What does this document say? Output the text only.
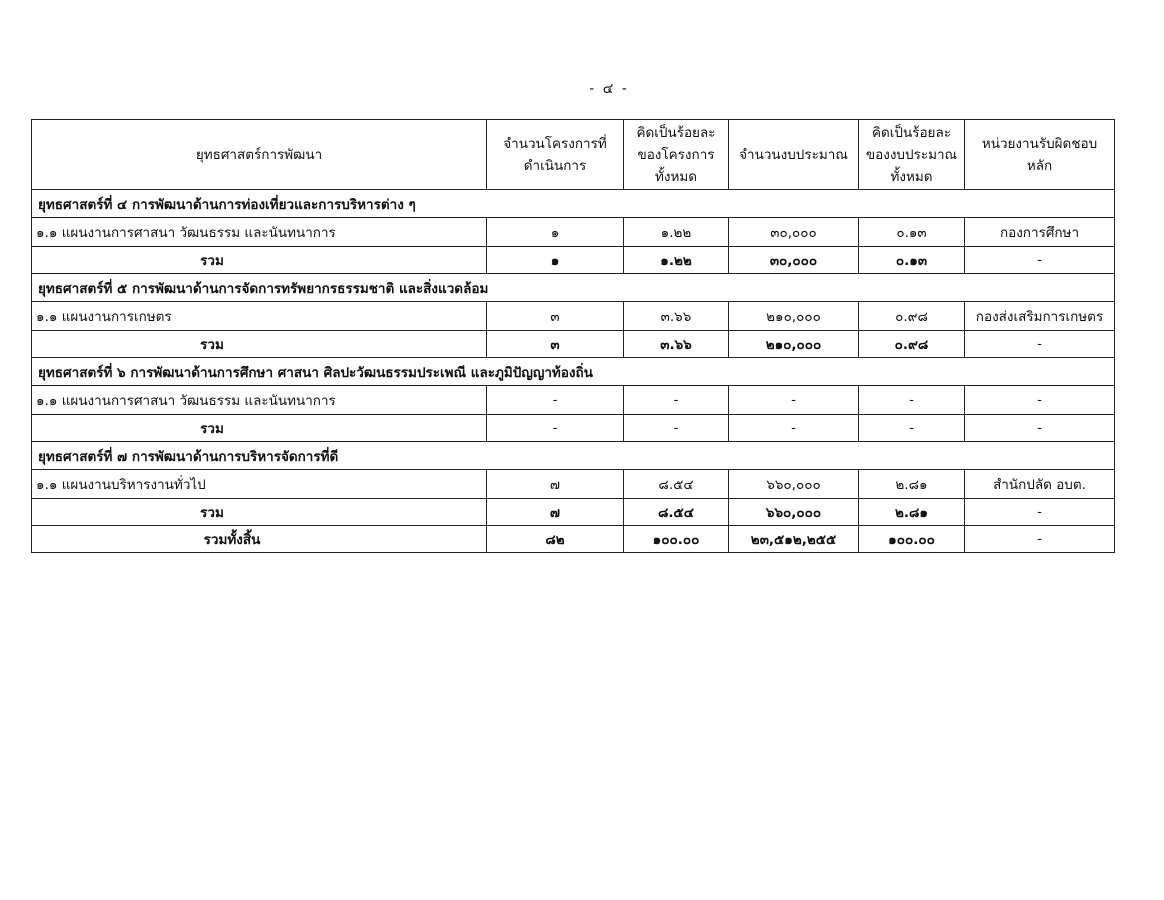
- ๔ -
ยุทธศาสตร์การพัฒนา	จำนวนโครงการที่ดำเนินการ	คิดเป็นร้อยละของโครงการทั้งหมด	จำนวนงบประมาณ	คิดเป็นร้อยละของงบประมาณทั้งหมด	หน่วยงานรับผิดชอบหลัก
ยุทธศาสตร์ที่ ๔ การพัฒนาด้านการท่องเที่ยวและการบริหารต่าง ๆ					
๑.๑ แผนงานการศาสนา วัฒนธรรม และนันทนาการ	๑	๑.๒๒	๓๐,๐๐๐	๐.๑๓	กองการศึกษา
รวม	๑	๑.๒๒	๓๐,๐๐๐	๐.๑๓	-
ยุทธศาสตร์ที่ ๕ การพัฒนาด้านการจัดการทรัพยากรธรรมชาติ และสิ่งแวดล้อม					
๑.๑ แผนงานการเกษตร	๓	๓.๖๖	๒๑๐,๐๐๐	๐.๙๘	กองส่งเสริมการเกษตร
รวม	๓	๓.๖๖	๒๑๐,๐๐๐	๐.๙๘	-
ยุทธศาสตร์ที่ ๖ การพัฒนาด้านการศึกษา ศาสนา ศิลปะวัฒนธรรมประเพณี และภูมิปัญญาท้องถิ่น					
๑.๑ แผนงานการศาสนา วัฒนธรรม และนันทนาการ	-	-	-	-	-
รวม	-	-	-	-	-
ยุทธศาสตร์ที่ ๗ การพัฒนาด้านการบริหารจัดการที่ดี					
๑.๑ แผนงานบริหารงานทั่วไป	๗	๘.๕๔	๖๖๐,๐๐๐	๒.๘๑	สำนักปลัด อบต.
รวม	๗	๘.๕๔	๖๖๐,๐๐๐	๒.๘๑	-
รวมทั้งสิ้น	๘๒	๑๐๐.๐๐	๒๓,๕๑๒,๒๕๕	๑๐๐.๐๐	-
